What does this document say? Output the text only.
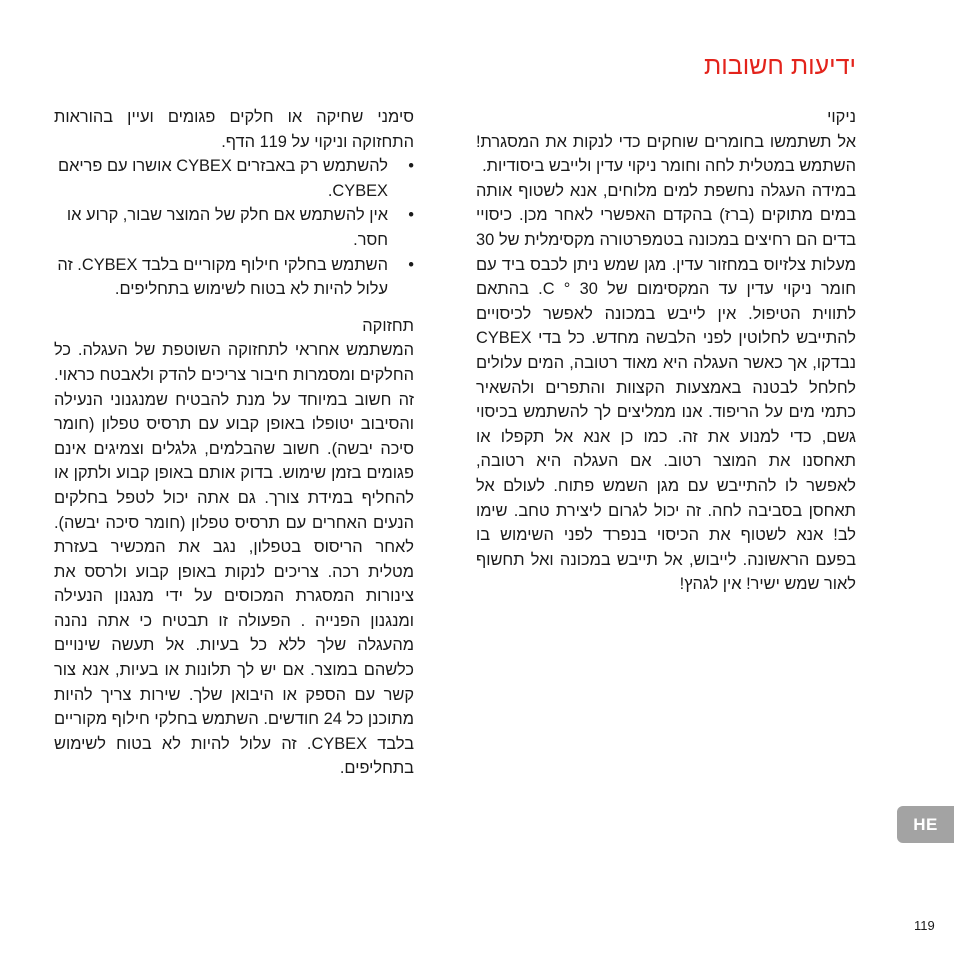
ידיעות חשובות

ניקוי

אל תשתמשו בחומרים שוחקים כדי לנקות את המסגרת! השתמש במטלית לחה וחומר ניקוי עדין ולייבש ביסודיות.

במידה העגלה נחשפת למים מלוחים, אנא לשטוף אותה במים מתוקים (ברז) בהקדם האפשרי לאחר מכן. כיסויי בדים הם רחיצים במכונה בטמפרטורה מקסימלית של 30 מעלות צלזיוס במחזור עדין. מגן שמש ניתן לכבס ביד עם חומר ניקוי עדין עד המקסימום של 30 ° C. בהתאם לתווית הטיפול. אין לייבש במכונה לאפשר לכיסויים להתייבש לחלוטין לפני הלבשה מחדש. כל בדי CYBEX נבדקו, אך כאשר העגלה היא מאוד רטובה, המים עלולים לחלחל לבטנה באמצעות הקצוות והתפרים ולהשאיר כתמי מים על הריפוד. אנו ממליצים לך להשתמש בכיסוי גשם, כדי למנוע את זה. כמו כן אנא אל תקפלו או תאחסנו את המוצר רטוב. אם העגלה היא רטובה, לאפשר לו להתייבש עם מגן השמש פתוח. לעולם אל תאחסן בסביבה לחה. זה יכול לגרום ליצירת טחב. שימו לב! אנא לשטוף את הכיסוי בנפרד לפני השימוש בו בפעם הראשונה. לייבוש, אל תייבש במכונה ואל תחשוף לאור שמש ישיר! אין לגהץ!

סימני שחיקה או חלקים פגומים ועיין בהוראות התחזוקה וניקוי על 119 הדף.

• להשתמש רק באבזרים CYBEX אושרו עם פריאם CYBEX.
• אין להשתמש אם חלק של המוצר שבור, קרוע או חסר.
• השתמש בחלקי חילוף מקוריים בלבד CYBEX. זה עלול להיות לא בטוח לשימוש בתחליפים.

תחזוקה

המשתמש אחראי לתחזוקה השוטפת של העגלה. כל החלקים ומסמרות חיבור צריכים להדק ולאבטח כראוי. זה חשוב במיוחד על מנת להבטיח שמנגנוני הנעילה והסיבוב יטופלו באופן קבוע עם תרסיס טפלון (חומר סיכה יבשה). חשוב שהבלמים, גלגלים וצמיגים אינם פגומים בזמן שימוש. בדוק אותם באופן קבוע ולתקן או להחליף במידת צורך. גם אתה יכול לטפל בחלקים הנעים האחרים עם תרסיס טפלון (חומר סיכה יבשה). לאחר הריסוס בטפלון, נגב את המכשיר בעזרת מטלית רכה. צריכים לנקות באופן קבוע ולרסס את צינורות המסגרת המכוסים על ידי מנגנון הנעילה ומנגנון הפנייה . הפעולה זו תבטיח כי אתה נהנה מהעגלה שלך ללא כל בעיות. אל תעשה שינויים כלשהם במוצר. אם יש לך תלונות או בעיות, אנא צור קשר עם הספק או היבואן שלך. שירות צריך להיות מתוכנן כל 24 חודשים. השתמש בחלקי חילוף מקוריים בלבד CYBEX. זה עלול להיות לא בטוח לשימוש בתחליפים.

HE
119
